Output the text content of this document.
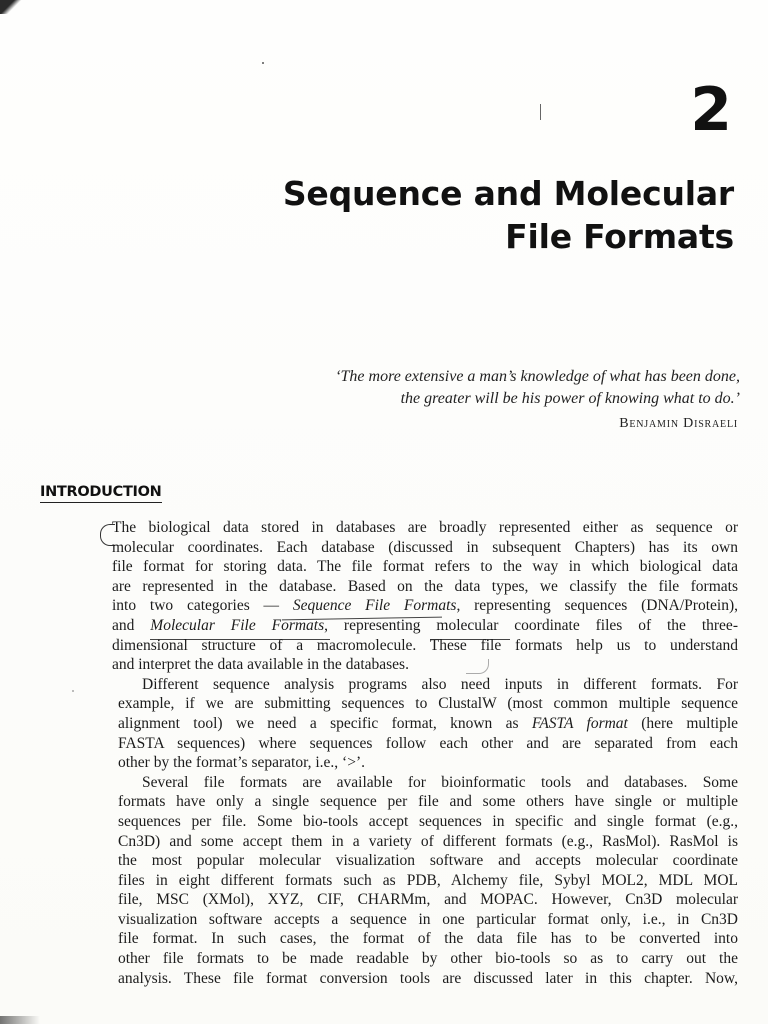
2
Sequence and Molecular
File Formats
‘The more extensive a man’s knowledge of what has been done,
the greater will be his power of knowing what to do.’
Benjamin Disraeli
INTRODUCTION

The biological data stored in databases are broadly represented either as sequence or
molecular coordinates. Each database (discussed in subsequent Chapters) has its own
file format for storing data. The file format refers to the way in which biological data
are represented in the database. Based on the data types, we classify the file formats
into two categories — Sequence File Formats, representing sequences (DNA/Protein),
and Molecular File Formats, representing molecular coordinate files of the three-
dimensional structure of a macromolecule. These file formats help us to understand
and interpret the data available in the databases.

Different sequence analysis programs also need inputs in different formats. For
example, if we are submitting sequences to ClustalW (most common multiple sequence
alignment tool) we need a specific format, known as FASTA format (here multiple
FASTA sequences) where sequences follow each other and are separated from each
other by the format’s separator, i.e., ‘>’.

Several file formats are available for bioinformatic tools and databases. Some
formats have only a single sequence per file and some others have single or multiple
sequences per file. Some bio-tools accept sequences in specific and single format (e.g.,
Cn3D) and some accept them in a variety of different formats (e.g., RasMol). RasMol is
the most popular molecular visualization software and accepts molecular coordinate
files in eight different formats such as PDB, Alchemy file, Sybyl MOL2, MDL MOL
file, MSC (XMol), XYZ, CIF, CHARMm, and MOPAC. However, Cn3D molecular
visualization software accepts a sequence in one particular format only, i.e., in Cn3D
file format. In such cases, the format of the data file has to be converted into
other file formats to be made readable by other bio-tools so as to carry out the
analysis. These file format conversion tools are discussed later in this chapter. Now,
